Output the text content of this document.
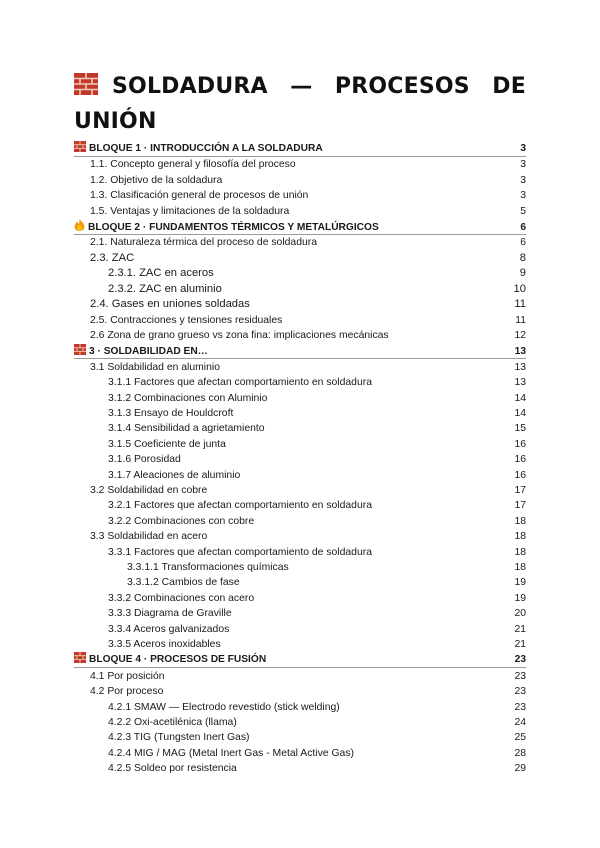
SOLDADURA — PROCESOS DE UNIÓN
BLOQUE 1 · INTRODUCCIÓN A LA SOLDADURA	3
1.1. Concepto general y filosofía del proceso	3
1.2. Objetivo de la soldadura	3
1.3. Clasificación general de procesos de unión	3
1.5. Ventajas y limitaciones de la soldadura	5
BLOQUE 2 · FUNDAMENTOS TÉRMICOS Y METALÚRGICOS	6
2.1. Naturaleza térmica del proceso de soldadura	6
2.3. ZAC	8
2.3.1. ZAC en aceros	9
2.3.2. ZAC en aluminio	10
2.4. Gases en uniones soldadas	11
2.5. Contracciones y tensiones residuales	11
2.6 Zona de grano grueso vs zona fina: implicaciones mecánicas	12
3 · SOLDABILIDAD EN…	13
3.1 Soldabilidad en aluminio	13
3.1.1 Factores que afectan comportamiento en soldadura	13
3.1.2 Combinaciones con Aluminio	14
3.1.3 Ensayo de Houldcroft	14
3.1.4 Sensibilidad a agrietamiento	15
3.1.5 Coeficiente de junta	16
3.1.6 Porosidad	16
3.1.7 Aleaciones de aluminio	16
3.2 Soldabilidad en cobre	17
3.2.1 Factores que afectan comportamiento en soldadura	17
3.2.2 Combinaciones con cobre	18
3.3 Soldabilidad en acero	18
3.3.1 Factores que afectan comportamiento de soldadura	18
3.3.1.1 Transformaciones químicas	18
3.3.1.2 Cambios de fase	19
3.3.2 Combinaciones con acero	19
3.3.3 Diagrama de Graville	20
3.3.4 Aceros galvanizados	21
3.3.5 Aceros inoxidables	21
BLOQUE 4 · PROCESOS DE FUSIÓN	23
4.1 Por posición	23
4.2 Por proceso	23
4.2.1 SMAW — Electrodo revestido (stick welding)	23
4.2.2 Oxi-acetilénica (llama)	24
4.2.3 TIG (Tungsten Inert Gas)	25
4.2.4 MIG / MAG (Metal Inert Gas - Metal Active Gas)	28
4.2.5 Soldeo por resistencia	29
